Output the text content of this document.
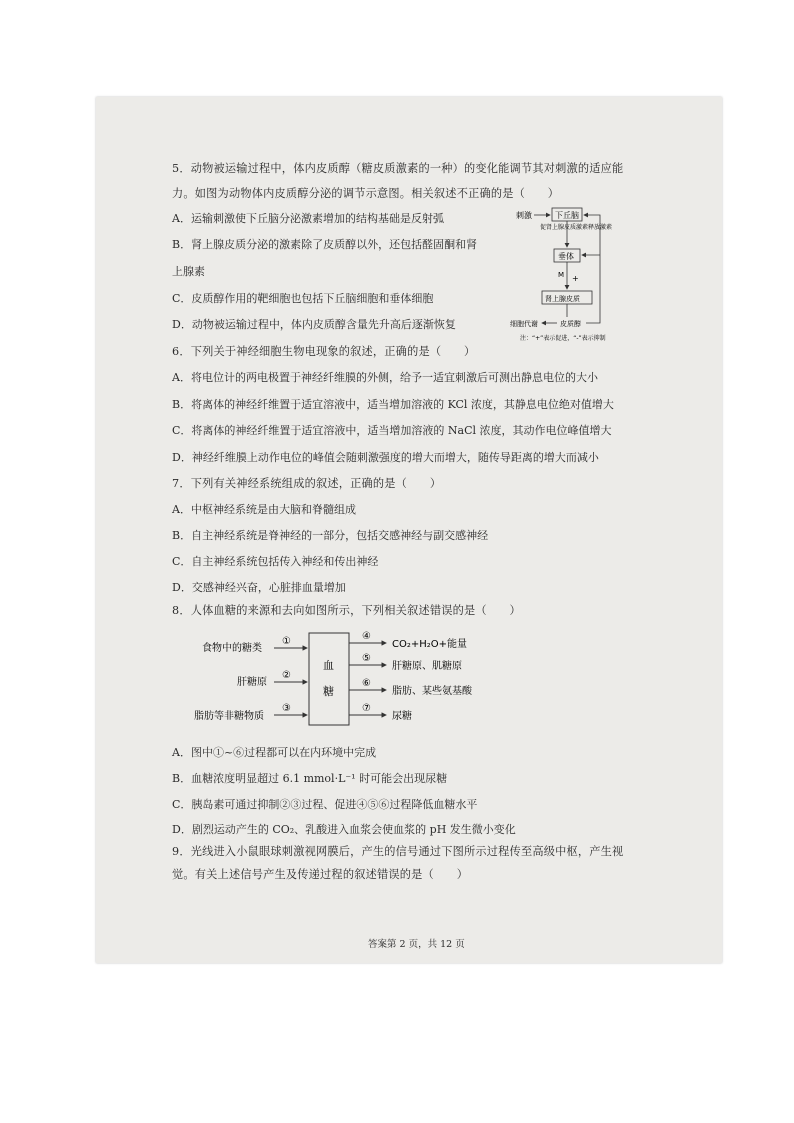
5．动物被运输过程中，体内皮质醇（糖皮质激素的一种）的变化能调节其对刺激的适应能
力。如图为动物体内皮质醇分泌的调节示意图。相关叙述不正确的是（　　）
A．运输刺激使下丘脑分泌激素增加的结构基础是反射弧
B．肾上腺皮质分泌的激素除了皮质醇以外，还包括醛固酮和肾
上腺素
C．皮质醇作用的靶细胞也包括下丘脑细胞和垂体细胞
D．动物被运输过程中，体内皮质醇含量先升高后逐渐恢复
刺激	下丘脑
促肾上腺皮质激素释放激素
垂体
M +
肾上腺皮质
细胞代谢	皮质醇
注：“+”表示促进，“-”表示抑制
6．下列关于神经细胞生物电现象的叙述，正确的是（　　）
A．将电位计的两电极置于神经纤维膜的外侧，给予一适宜刺激后可测出静息电位的大小
B．将离体的神经纤维置于适宜溶液中，适当增加溶液的 KCl 浓度，其静息电位绝对值增大
C．将离体的神经纤维置于适宜溶液中，适当增加溶液的 NaCl 浓度，其动作电位峰值增大
D．神经纤维膜上动作电位的峰值会随刺激强度的增大而增大，随传导距离的增大而减小
7．下列有关神经系统组成的叙述，正确的是（　　）
A．中枢神经系统是由大脑和脊髓组成
B．自主神经系统是脊神经的一部分，包括交感神经与副交感神经
C．自主神经系统包括传入神经和传出神经
D．交感神经兴奋，心脏排血量增加
8．人体血糖的来源和去向如图所示，下列相关叙述错误的是（　　）
食物中的糖类
肝糖原
脂肪等非糖物质
①
②
③
血
糖
④
⑤
⑥
⑦
CO₂+H₂O+能量
肝糖原、肌糖原
脂肪、某些氨基酸
尿糖
A．图中①~⑥过程都可以在内环境中完成
B．血糖浓度明显超过 6.1 mmol·L⁻¹ 时可能会出现尿糖
C．胰岛素可通过抑制②③过程、促进④⑤⑥过程降低血糖水平
D．剧烈运动产生的 CO₂、乳酸进入血浆会使血浆的 pH 发生微小变化
9．光线进入小鼠眼球刺激视网膜后，产生的信号通过下图所示过程传至高级中枢，产生视
觉。有关上述信号产生及传递过程的叙述错误的是（　　）
答案第 2 页，共 12 页
